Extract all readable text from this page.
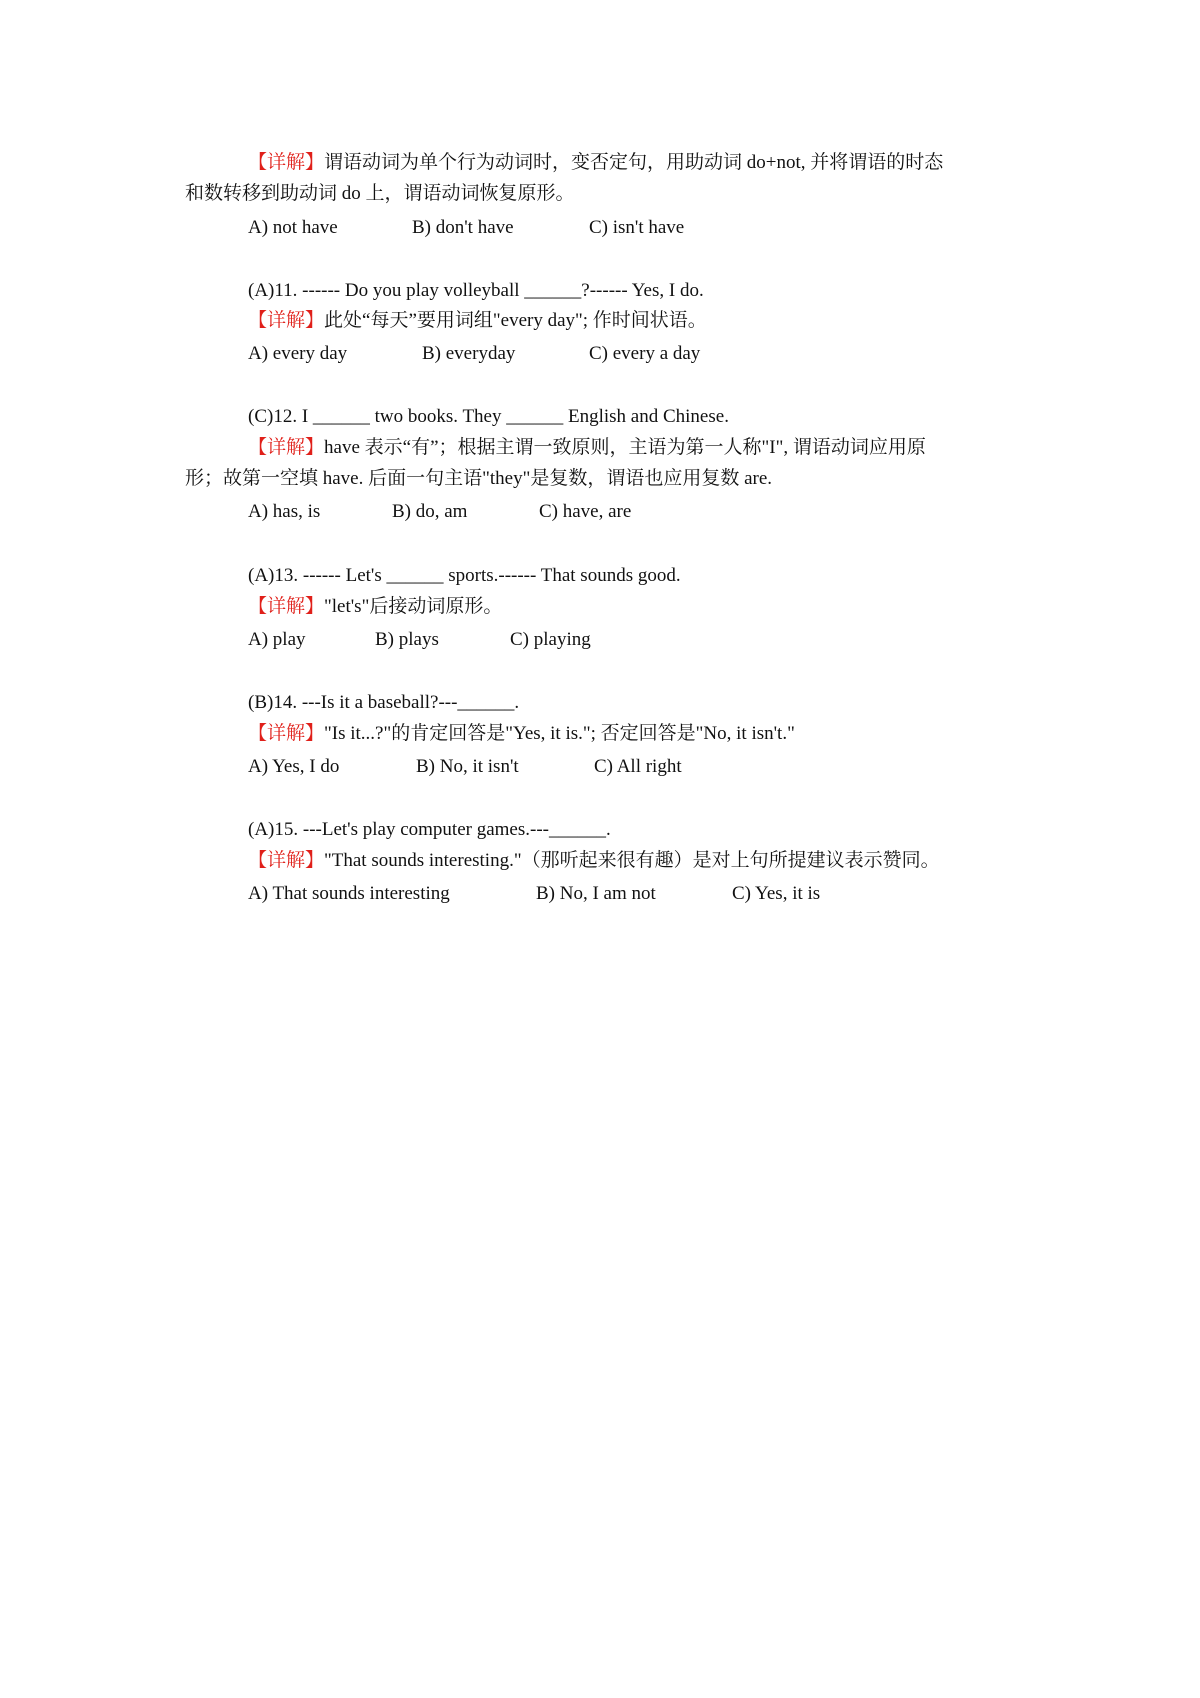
【详解】谓语动词为单个行为动词时，变否定句，用助动词 do+not, 并将谓语的时态
和数转移到助动词 do 上，谓语动词恢复原形。
A) not have	B) don't have	C) isn't have
(A)11. ------ Do you play volleyball ______?------ Yes, I do.
【详解】此处“每天”要用词组"every day"; 作时间状语。
A) every day	B) everyday	C) every a day
(C)12. I ______ two books. They ______ English and Chinese.
【详解】have 表示“有”；根据主谓一致原则，主语为第一人称"I", 谓语动词应用原
形；故第一空填 have. 后面一句主语"they"是复数，谓语也应用复数 are.
A) has, is	B) do, am	C) have, are
(A)13. ------ Let's ______ sports.------ That sounds good.
【详解】"let's"后接动词原形。
A) play	B) plays	C) playing
(B)14. ---Is it a baseball?---______.
【详解】"Is it...?"的肯定回答是"Yes, it is."; 否定回答是"No, it isn't."
A) Yes, I do	B) No, it isn't	C) All right
(A)15. ---Let's play computer games.---______.
【详解】"That sounds interesting."（那听起来很有趣）是对上句所提建议表示赞同。
A) That sounds interesting	B) No, I am not	C) Yes, it is
